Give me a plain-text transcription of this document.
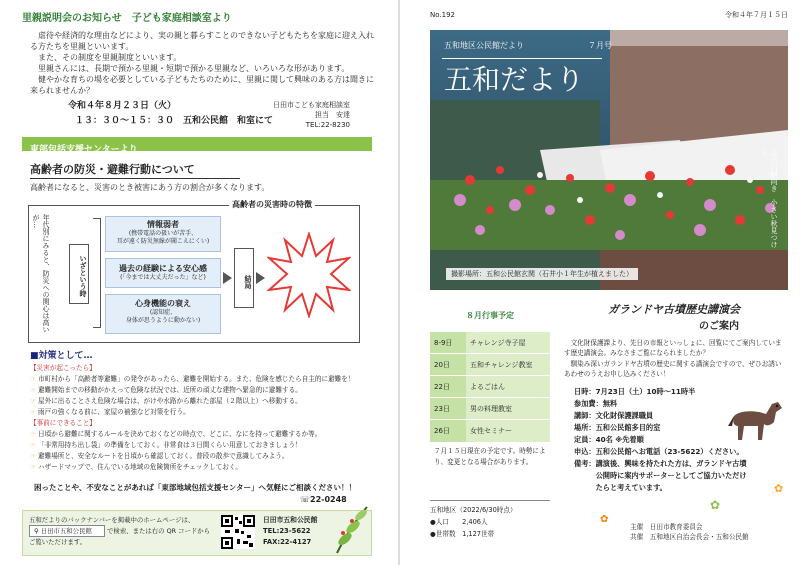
里親説明会のお知らせ　子ども家庭相談室より
虐待や経済的な理由などにより、実の親と暮らすことのできない子どもたちを家庭に迎え入れる方たちを里親といいます。
また、その制度を里親制度といいます。
里親さんには、長期で預かる里親・短期で預かる里親など、いろいろな形があります。
健やかな育ちの場を必要としている子どもたちのために、里親に関して興味のある方は聞きに来られませんか？
令和４年８月２３日（火）
１３：３０～１５：３０　五和公民館　和室にて
日田市こども家庭相談室
担当　安達
TEL:22-8230
東部包括支援センターより
高齢者の防災・避難行動について
高齢者になると、災害のとき被害にあう方の割合が多くなります。
高齢者の災害時の特徴
年代別にみると、防災への関心は高いが…
いざという時
情報弱者
(携帯電話の扱いが苦手、
耳が遠く防災無線が聞こえにくい)
過去の経験による安心感
(「今までは大丈夫だった」など)
心身機能の衰え
(認知症、
身体が思うように動かない)
結局
■対策として…
【災害が起こったら】
☞ 市町村から「高齢者等避難」の発令があったら、避難を開始する。また、危険を感じたら自主的に避難を！
☞ 避難開始までの移動がかえって危険な状況では、近所の頑丈な建物へ緊急的に避難する。
☞ 屋外に出ることさえ危険な場合は、がけや水路から離れた部屋（２階以上）へ移動する。
☞ 雨戸の強くなる前に、家屋の補強など対策を行う。
【事前にできること】
☞ 日頃から避難に関するルールを決めておくなどの時点で、どこに、なにを持って避難するか等。
☞ 「非常用持ち出し袋」の準備をしておく。非常食は３日間くらい用意しておきましょう！
☞ 避難場所と、安全なルートを日頃から確認しておく。普段の散歩で意識してみよう。
☞ ハザードマップで、住んでいる地域の危険箇所をチェックしておく。
困ったことや、不安なことがあれば「東部地域包括支援センター」へ気軽にご相談ください！！
☏22-0248
五和だよりのバックナンバーを掲載中のホームページは、
⚲ 日田市五和公民館 で検索、または右の QR コードから
ご覧いただけます。
日田市五和公民館
TEL:23-5622
FAX:22-4127
No.192	令和４年７月１５日
五和地区公民館だより	７月号
五和だより
天の川鞆向き　小さい秋見つけた
撮影場所：五和公民館玄関（石井小１年生が植えました）
８月行事予定
8-9日	チャレンジ寺子屋
20日	五和チャレンジ教室
22日	よるごはん
23日	男の料理教室
26日	女性セミナー
７月１５日現在の予定です。時勢により、変更となる場合があります。
五和地区（2022/6/30時点）
●人口　　2,406人
●世帯数　1,127世帯
ガランドヤ古墳歴史講演会
のご案内
文化財保護課より、先日の市報といっしょに、回覧にてご案内しています歴史講演会。みなさまご覧になられましたか？
馴染み深いガランドヤ古墳の歴史に関する講演会ですので、ぜひお誘いあわせのうえお申し込みください！
日時：7月23日（土）10時～11時半
参加費：無料
講師：文化財保護課職員
場所：五和公民館多目的室
定員：40名 ※先着順
申込：五和公民館へお電話（23-5622）ください。
備考：講演後、興味を持たれた方は、ガランドヤ古墳
　　　公開時に案内サポーターとしてご協力いただけ
　　　たらと考えています。
✿
✿
✿
主催　日田市教育委員会
共催　五和地区自治会長会・五和公民館
